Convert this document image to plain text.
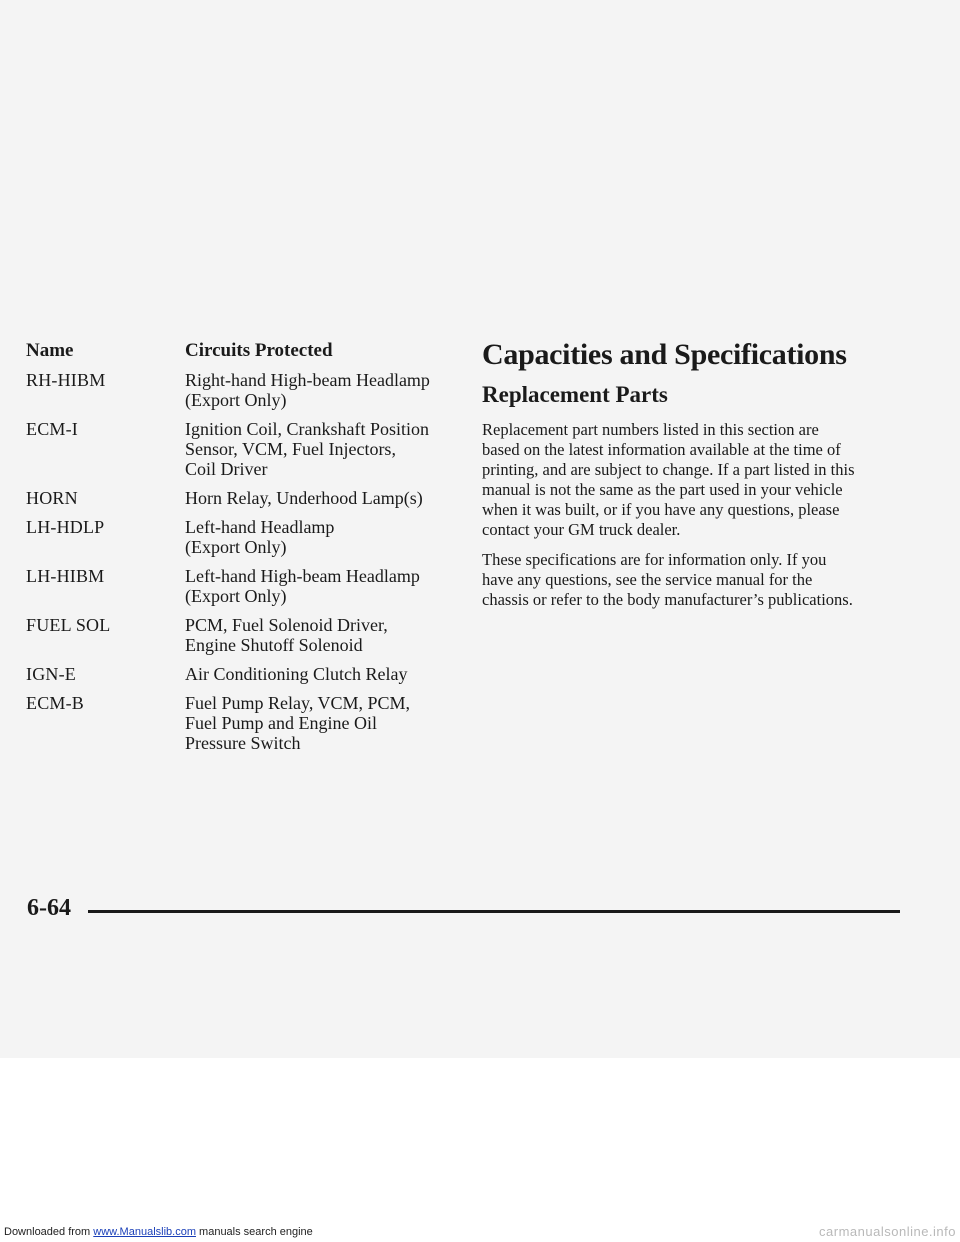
Name	Circuits Protected
RH-HIBM	Right-hand High-beam Headlamp
(Export Only)
ECM-I	Ignition Coil, Crankshaft Position
Sensor, VCM, Fuel Injectors,
Coil Driver
HORN	Horn Relay, Underhood Lamp(s)
LH-HDLP	Left-hand Headlamp
(Export Only)
LH-HIBM	Left-hand High-beam Headlamp
(Export Only)
FUEL SOL	PCM, Fuel Solenoid Driver,
Engine Shutoff Solenoid
IGN-E	Air Conditioning Clutch Relay
ECM-B	Fuel Pump Relay, VCM, PCM,
Fuel Pump and Engine Oil
Pressure Switch
Capacities and Specifications
Replacement Parts

Replacement part numbers listed in this section are
based on the latest information available at the time of
printing, and are subject to change. If a part listed in this
manual is not the same as the part used in your vehicle
when it was built, or if you have any questions, please
contact your GM truck dealer.

These specifications are for information only. If you
have any questions, see the service manual for the
chassis or refer to the body manufacturer’s publications.

6-64
Downloaded from www.Manualslib.com manuals search engine	carmanualsonline.info
